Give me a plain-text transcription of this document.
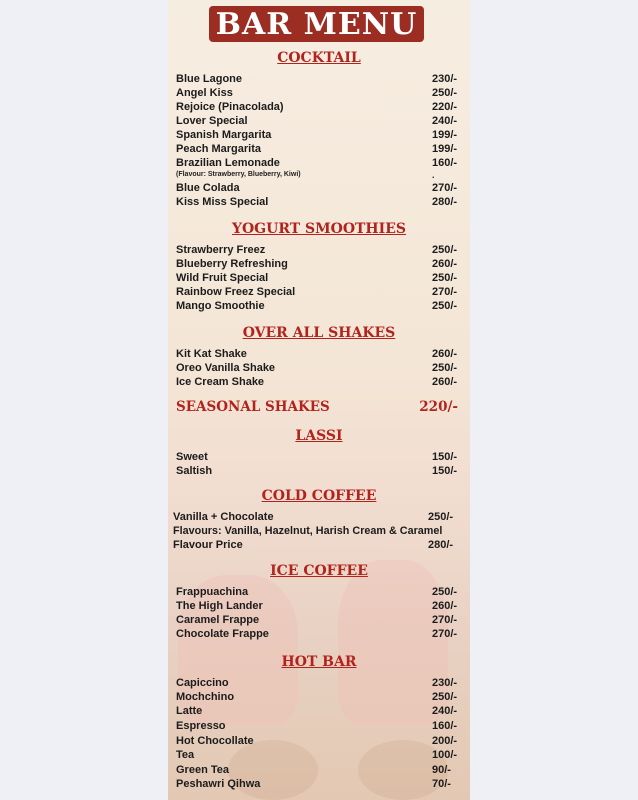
BAR MENU
COCKTAIL
Blue Lagone	230/-
Angel Kiss	250/-
Rejoice (Pinacolada)	220/-
Lover Special	240/-
Spanish Margarita	199/-
Peach Margarita	199/-
Brazilian Lemonade	160/-
(Flavour: Strawberry, Blueberry, Kiwi)	.
Blue Colada	270/-
Kiss Miss Special	280/-
YOGURT SMOOTHIES
Strawberry Freez	250/-
Blueberry Refreshing	260/-
Wild Fruit Special	250/-
Rainbow Freez Special	270/-
Mango Smoothie	250/-
OVER ALL SHAKES
Kit Kat Shake	260/-
Oreo Vanilla Shake	250/-
Ice Cream Shake	260/-
SEASONAL SHAKES	220/-
LASSI
Sweet	150/-
Saltish	150/-
COLD COFFEE
Vanilla + Chocolate	250/-
Flavours: Vanilla, Hazelnut, Harish Cream & Caramel
Flavour Price	280/-
ICE COFFEE
Frappuachina	250/-
The High Lander	260/-
Caramel Frappe	270/-
Chocolate Frappe	270/-
HOT BAR
Capiccino	230/-
Mochchino	250/-
Latte	240/-
Espresso	160/-
Hot Chocollate	200/-
Tea	100/-
Green Tea	90/-
Peshawri Qihwa	70/-
